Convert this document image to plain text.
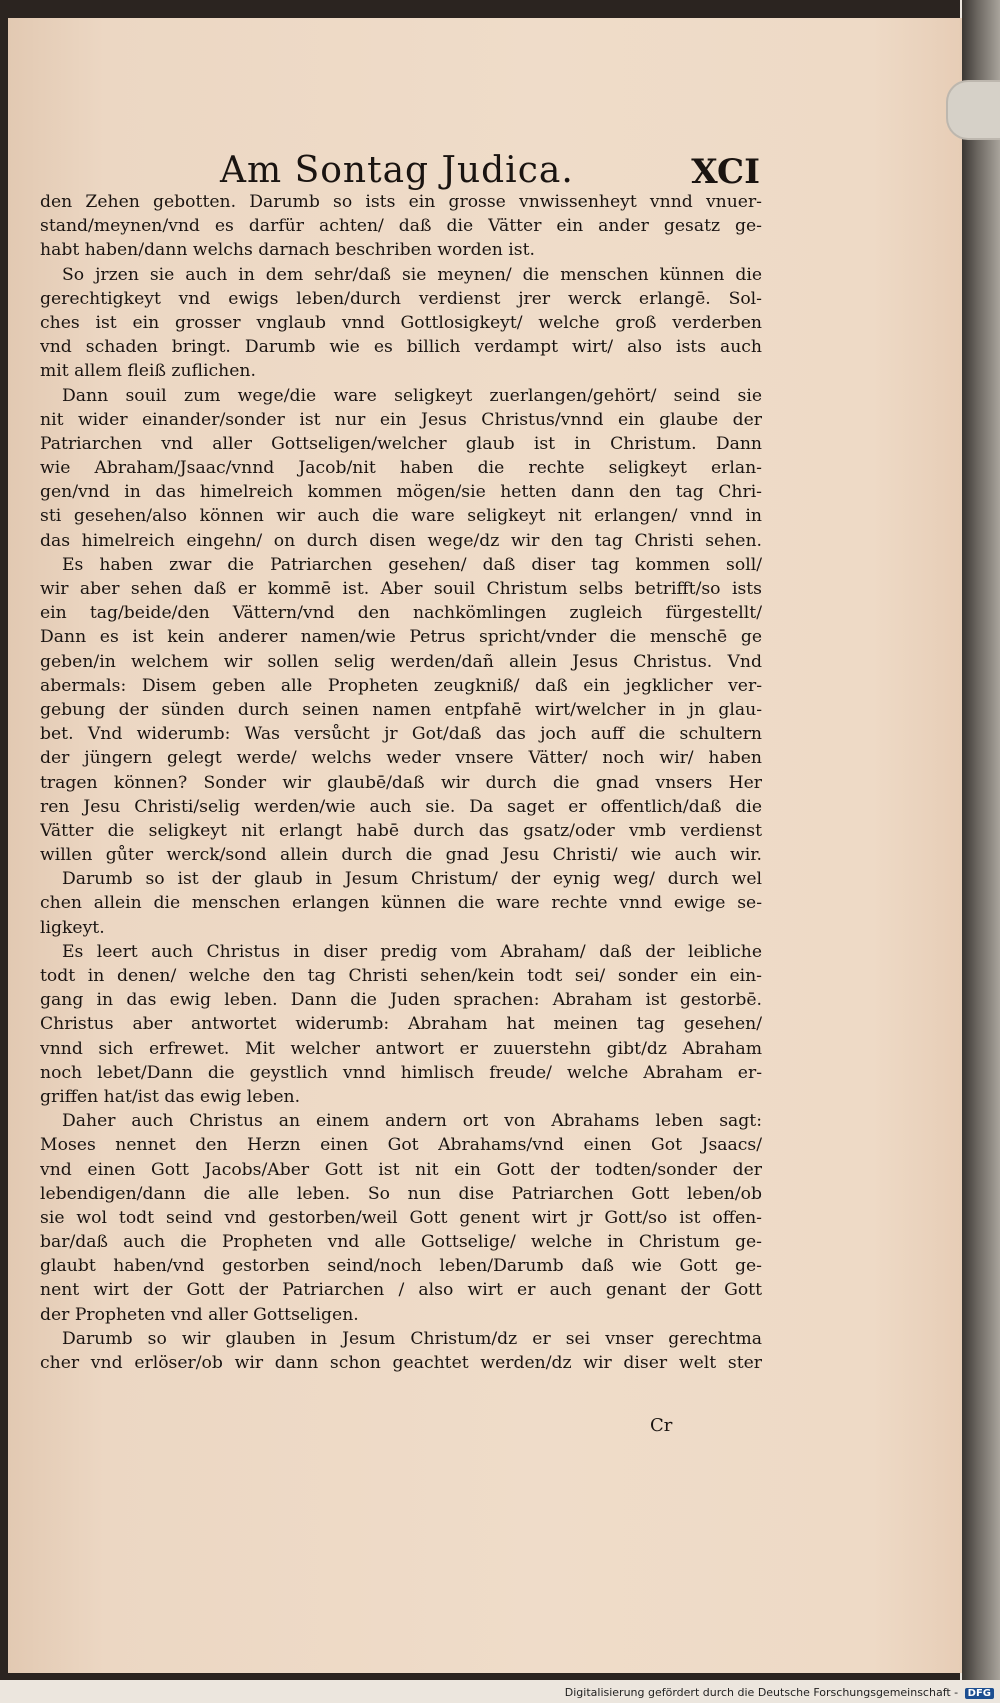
Am Sontag Judica.	XCI
den Zehen gebotten. Darumb so ists ein grosse vnwissenheyt vnnd vnuer-
stand/meynen/vnd es darfür achten/ daß die Vätter ein ander gesatz ge-
habt haben/dann welchs darnach beschriben worden ist.
So jrzen sie auch in dem sehr/daß sie meynen/ die menschen künnen die
gerechtigkeyt vnd ewigs leben/durch verdienst jrer werck erlangē. Sol-
ches ist ein grosser vnglaub vnnd Gottlosigkeyt/ welche groß verderben
vnd schaden bringt. Darumb wie es billich verdampt wirt/ also ists auch
mit allem fleiß zuflichen.
Dann souil zum wege/die ware seligkeyt zuerlangen/gehört/ seind sie
nit wider einander/sonder ist nur ein Jesus Christus/vnnd ein glaube der
Patriarchen vnd aller Gottseligen/welcher glaub ist in Christum. Dann
wie Abraham/Jsaac/vnnd Jacob/nit haben die rechte seligkeyt erlan-
gen/vnd in das himelreich kommen mögen/sie hetten dann den tag Chri-
sti gesehen/also können wir auch die ware seligkeyt nit erlangen/ vnnd in
das himelreich eingehn/ on durch disen wege/dz wir den tag Christi sehen.
Es haben zwar die Patriarchen gesehen/ daß diser tag kommen soll/
wir aber sehen daß er kommē ist. Aber souil Christum selbs betrifft/so ists
ein tag/beide/den Vättern/vnd den nachkömlingen zugleich fürgestellt/
Dann es ist kein anderer namen/wie Petrus spricht/vnder die menschē ge
geben/in welchem wir sollen selig werden/dañ allein Jesus Christus. Vnd
abermals: Disem geben alle Propheten zeugkniß/ daß ein jegklicher ver-
gebung der sünden durch seinen namen entpfahē wirt/welcher in jn glau-
bet. Vnd widerumb: Was versůcht jr Got/daß das joch auff die schultern
der jüngern gelegt werde/ welchs weder vnsere Vätter/ noch wir/ haben
tragen können? Sonder wir glaubē/daß wir durch die gnad vnsers Her
ren Jesu Christi/selig werden/wie auch sie. Da saget er offentlich/daß die
Vätter die seligkeyt nit erlangt habē durch das gsatz/oder vmb verdienst
willen gůter werck/sond allein durch die gnad Jesu Christi/ wie auch wir.
Darumb so ist der glaub in Jesum Christum/ der eynig weg/ durch wel
chen allein die menschen erlangen künnen die ware rechte vnnd ewige se-
ligkeyt.
Es leert auch Christus in diser predig vom Abraham/ daß der leibliche
todt in denen/ welche den tag Christi sehen/kein todt sei/ sonder ein ein-
gang in das ewig leben. Dann die Juden sprachen: Abraham ist gestorbē.
Christus aber antwortet widerumb: Abraham hat meinen tag gesehen/
vnnd sich erfrewet. Mit welcher antwort er zuuerstehn gibt/dz Abraham
noch lebet/Dann die geystlich vnnd himlisch freude/ welche Abraham er-
griffen hat/ist das ewig leben.
Daher auch Christus an einem andern ort von Abrahams leben sagt:
Moses nennet den Herzn einen Got Abrahams/vnd einen Got Jsaacs/
vnd einen Gott Jacobs/Aber Gott ist nit ein Gott der todten/sonder der
lebendigen/dann die alle leben. So nun dise Patriarchen Gott leben/ob
sie wol todt seind vnd gestorben/weil Gott genent wirt jr Gott/so ist offen-
bar/daß auch die Propheten vnd alle Gottselige/ welche in Christum ge-
glaubt haben/vnd gestorben seind/noch leben/Darumb daß wie Gott ge-
nent wirt der Gott der Patriarchen / also wirt er auch genant der Gott
der Propheten vnd aller Gottseligen.
Darumb so wir glauben in Jesum Christum/dz er sei vnser gerechtma
cher vnd erlöser/ob wir dann schon geachtet werden/dz wir diser welt ster
Cr
Digitalisierung gefördert durch die Deutsche Forschungsgemeinschaft - DFG
